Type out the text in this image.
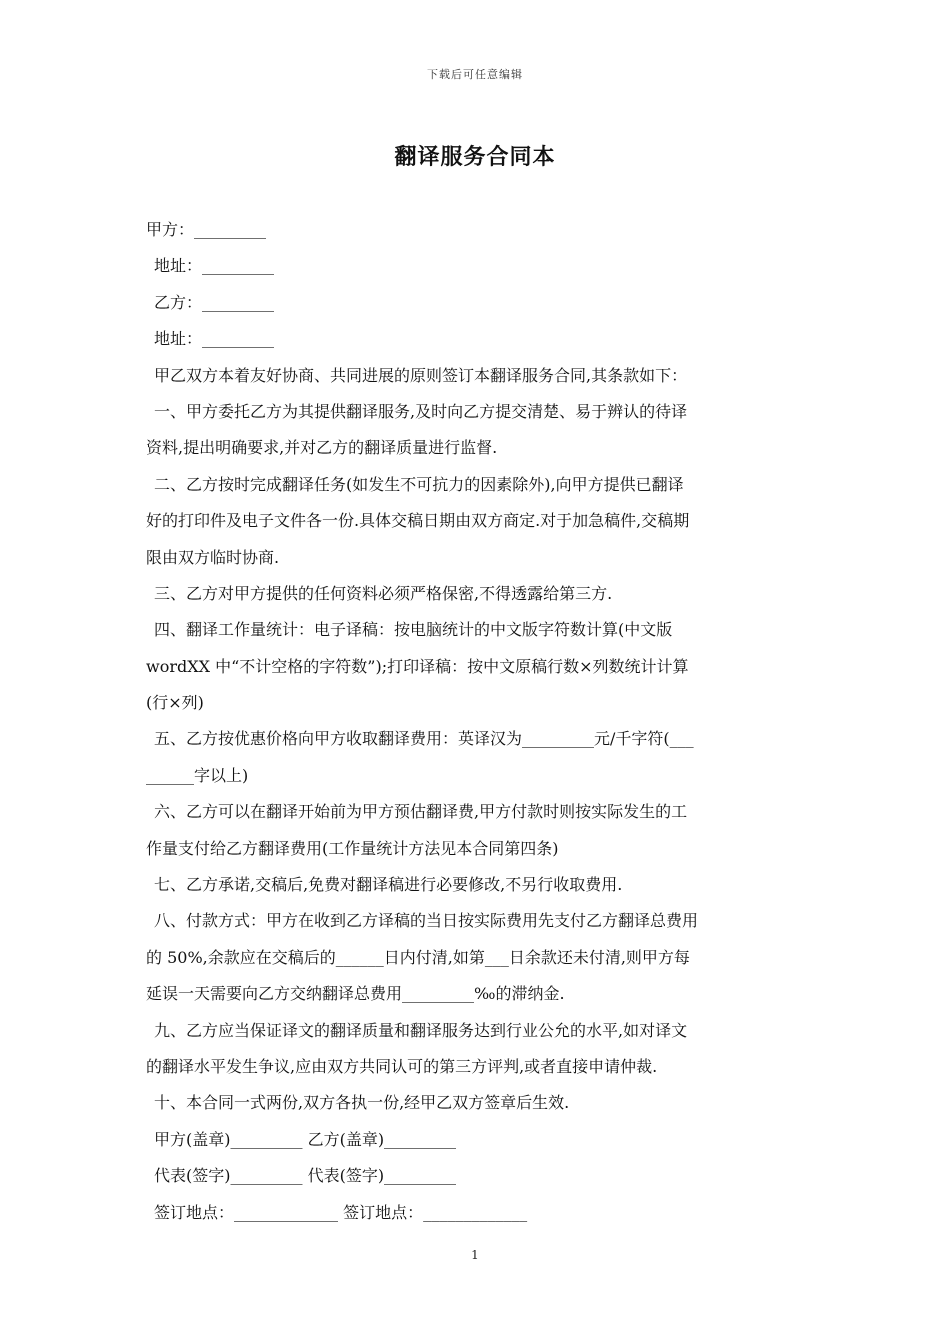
下载后可任意编辑
翻译服务合同本
甲方：_________
地址：_________
乙方：_________
地址：_________
甲乙双方本着友好协商、共同进展的原则签订本翻译服务合同,其条款如下：
一、甲方委托乙方为其提供翻译服务,及时向乙方提交清楚、易于辨认的待译
资料,提出明确要求,并对乙方的翻译质量进行监督.
二、乙方按时完成翻译任务(如发生不可抗力的因素除外),向甲方提供已翻译
好的打印件及电子文件各一份.具体交稿日期由双方商定.对于加急稿件,交稿期
限由双方临时协商.
三、乙方对甲方提供的任何资料必须严格保密,不得透露给第三方.
四、翻译工作量统计：电子译稿：按电脑统计的中文版字符数计算(中文版
wordXX 中“不计空格的字符数”);打印译稿：按中文原稿行数×列数统计计算
(行×列)
五、乙方按优惠价格向甲方收取翻译费用：英译汉为_________元/千字符(___
______字以上)
六、乙方可以在翻译开始前为甲方预估翻译费,甲方付款时则按实际发生的工
作量支付给乙方翻译费用(工作量统计方法见本合同第四条)
七、乙方承诺,交稿后,免费对翻译稿进行必要修改,不另行收取费用.
八、付款方式：甲方在收到乙方译稿的当日按实际费用先支付乙方翻译总费用
的 50%,余款应在交稿后的______日内付清,如第___日余款还未付清,则甲方每
延误一天需要向乙方交纳翻译总费用_________‰的滞纳金.
九、乙方应当保证译文的翻译质量和翻译服务达到行业公允的水平,如对译文
的翻译水平发生争议,应由双方共同认可的第三方评判,或者直接申请仲裁.
十、本合同一式两份,双方各执一份,经甲乙双方签章后生效.
甲方(盖章)_________ 乙方(盖章)_________
代表(签字)_________ 代表(签字)_________
签订地点：_____________ 签订地点：_____________
1
